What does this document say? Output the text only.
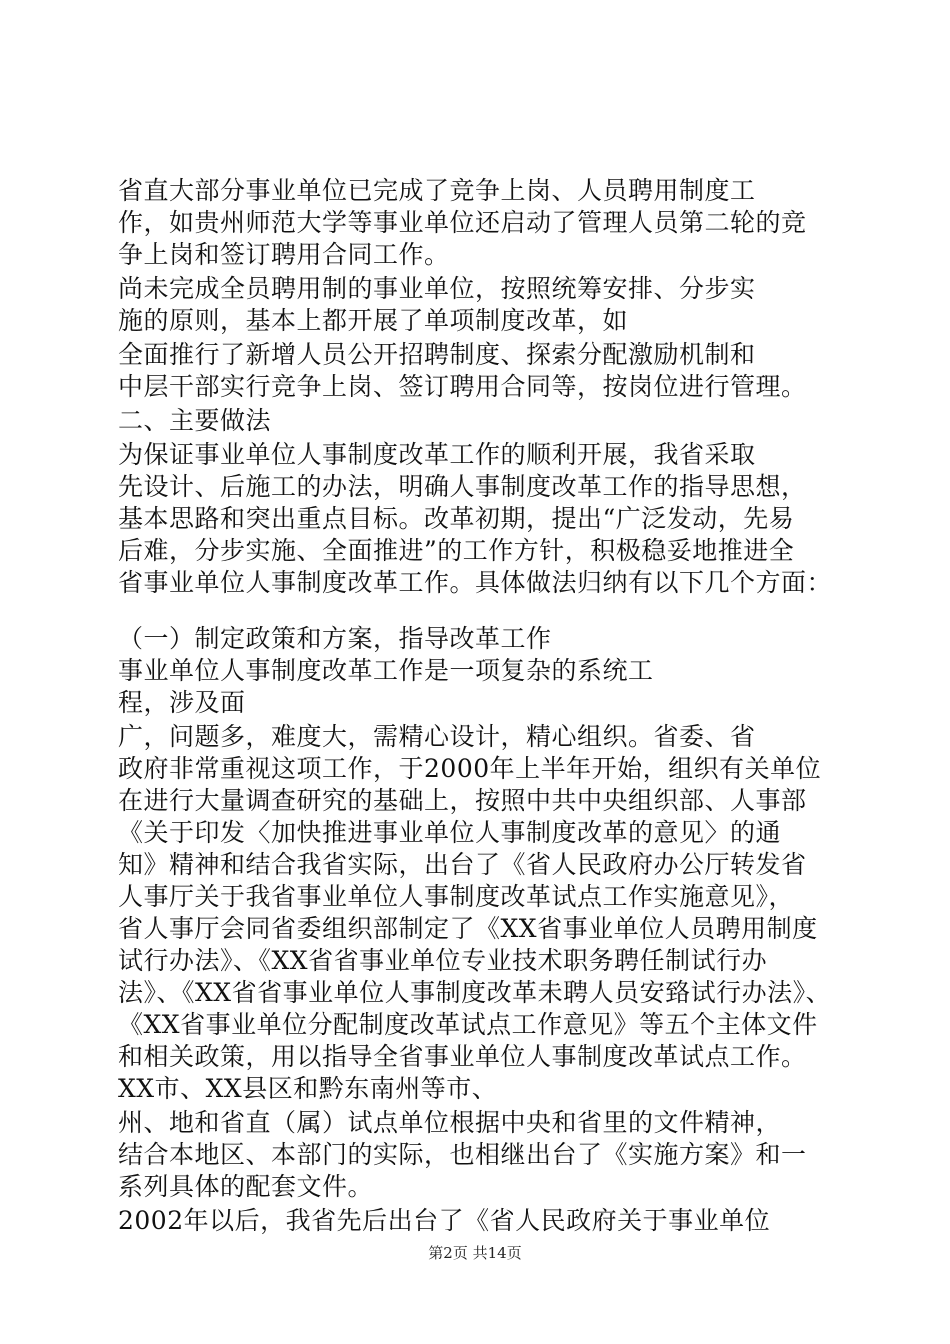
省直大部分事业单位已完成了竞争上岗、人员聘用制度工
作，如贵州师范大学等事业单位还启动了管理人员第二轮的竞
争上岗和签订聘用合同工作。
尚未完成全员聘用制的事业单位，按照统筹安排、分步实
施的原则，基本上都开展了单项制度改革，如
全面推行了新增人员公开招聘制度、探索分配激励机制和
中层干部实行竞争上岗、签订聘用合同等，按岗位进行管理。
二、主要做法
为保证事业单位人事制度改革工作的顺利开展，我省采取
先设计、后施工的办法，明确人事制度改革工作的指导思想，
基本思路和突出重点目标。改革初期，提出“广泛发动，先易
后难，分步实施、全面推进”的工作方针，积极稳妥地推进全
省事业单位人事制度改革工作。具体做法归纳有以下几个方面：
（一）制定政策和方案，指导改革工作
事业单位人事制度改革工作是一项复杂的系统工
程，涉及面
广，问题多，难度大，需精心设计，精心组织。省委、省
政府非常重视这项工作，于2000年上半年开始，组织有关单位
在进行大量调查研究的基础上，按照中共中央组织部、人事部
《关于印发〈加快推进事业单位人事制度改革的意见〉的通
知》精神和结合我省实际，出台了《省人民政府办公厅转发省
人事厅关于我省事业单位人事制度改革试点工作实施意见》，
省人事厅会同省委组织部制定了《XX省事业单位人员聘用制度
试行办法》、《XX省省事业单位专业技术职务聘任制试行办
法》、《XX省省事业单位人事制度改革未聘人员安臵试行办法》、
《XX省事业单位分配制度改革试点工作意见》等五个主体文件
和相关政策，用以指导全省事业单位人事制度改革试点工作。
XX市、XX县区和黔东南州等市、
州、地和省直（属）试点单位根据中央和省里的文件精神，
结合本地区、本部门的实际，也相继出台了《实施方案》和一
系列具体的配套文件。
2002年以后，我省先后出台了《省人民政府关于事业单位
第2页 共14页
